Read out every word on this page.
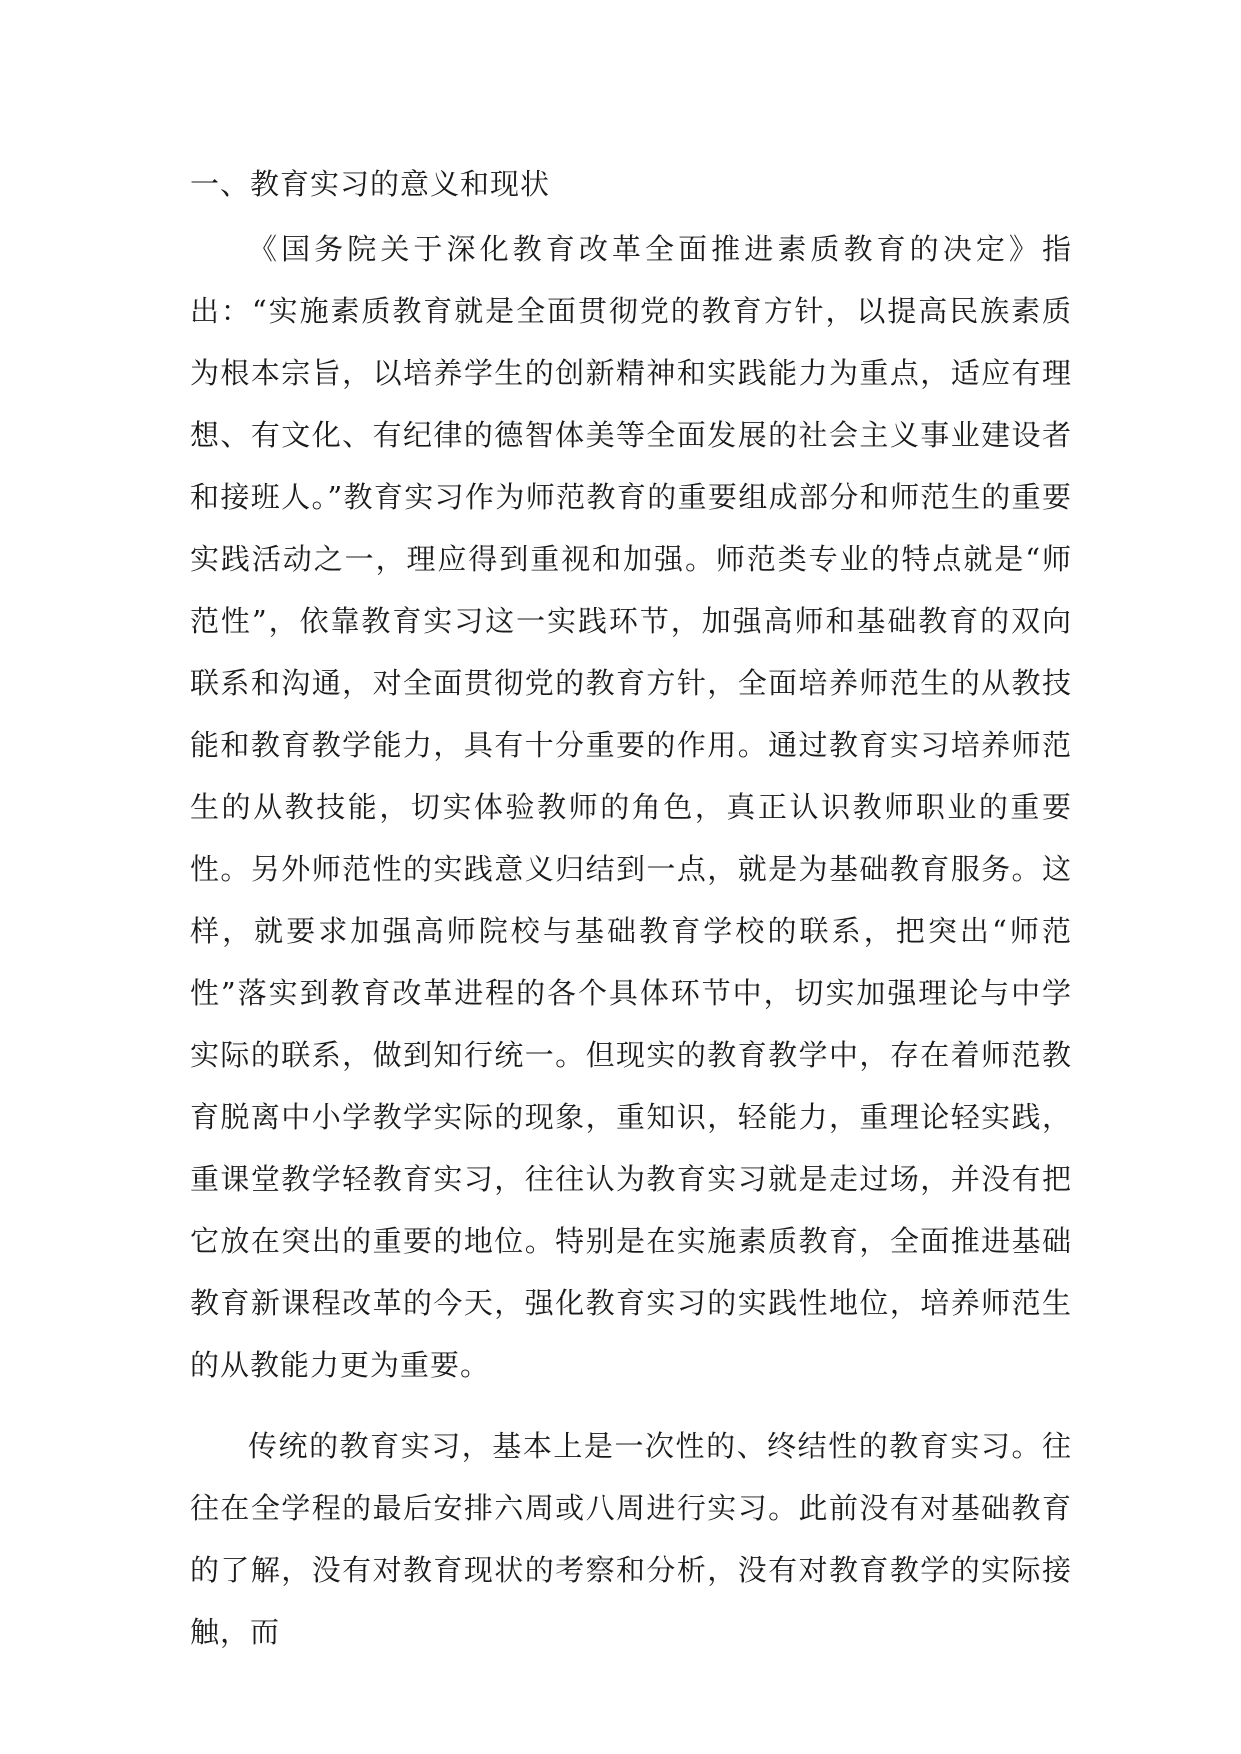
一、教育实习的意义和现状

《国务院关于深化教育改革全面推进素质教育的决定》指出：“实施素质教育就是全面贯彻党的教育方针，以提高民族素质为根本宗旨，以培养学生的创新精神和实践能力为重点，适应有理想、有文化、有纪律的德智体美等全面发展的社会主义事业建设者和接班人。”教育实习作为师范教育的重要组成部分和师范生的重要实践活动之一，理应得到重视和加强。师范类专业的特点就是“师范性”，依靠教育实习这一实践环节，加强高师和基础教育的双向联系和沟通，对全面贯彻党的教育方针，全面培养师范生的从教技能和教育教学能力，具有十分重要的作用。通过教育实习培养师范生的从教技能，切实体验教师的角色，真正认识教师职业的重要性。另外师范性的实践意义归结到一点，就是为基础教育服务。这样，就要求加强高师院校与基础教育学校的联系，把突出“师范性”落实到教育改革进程的各个具体环节中，切实加强理论与中学实际的联系，做到知行统一。但现实的教育教学中，存在着师范教育脱离中小学教学实际的现象，重知识，轻能力，重理论轻实践，重课堂教学轻教育实习，往往认为教育实习就是走过场，并没有把它放在突出的重要的地位。特别是在实施素质教育，全面推进基础教育新课程改革的今天，强化教育实习的实践性地位，培养师范生的从教能力更为重要。

传统的教育实习，基本上是一次性的、终结性的教育实习。往往在全学程的最后安排六周或八周进行实习。此前没有对基础教育的了解，没有对教育现状的考察和分析，没有对教育教学的实际接触，而
